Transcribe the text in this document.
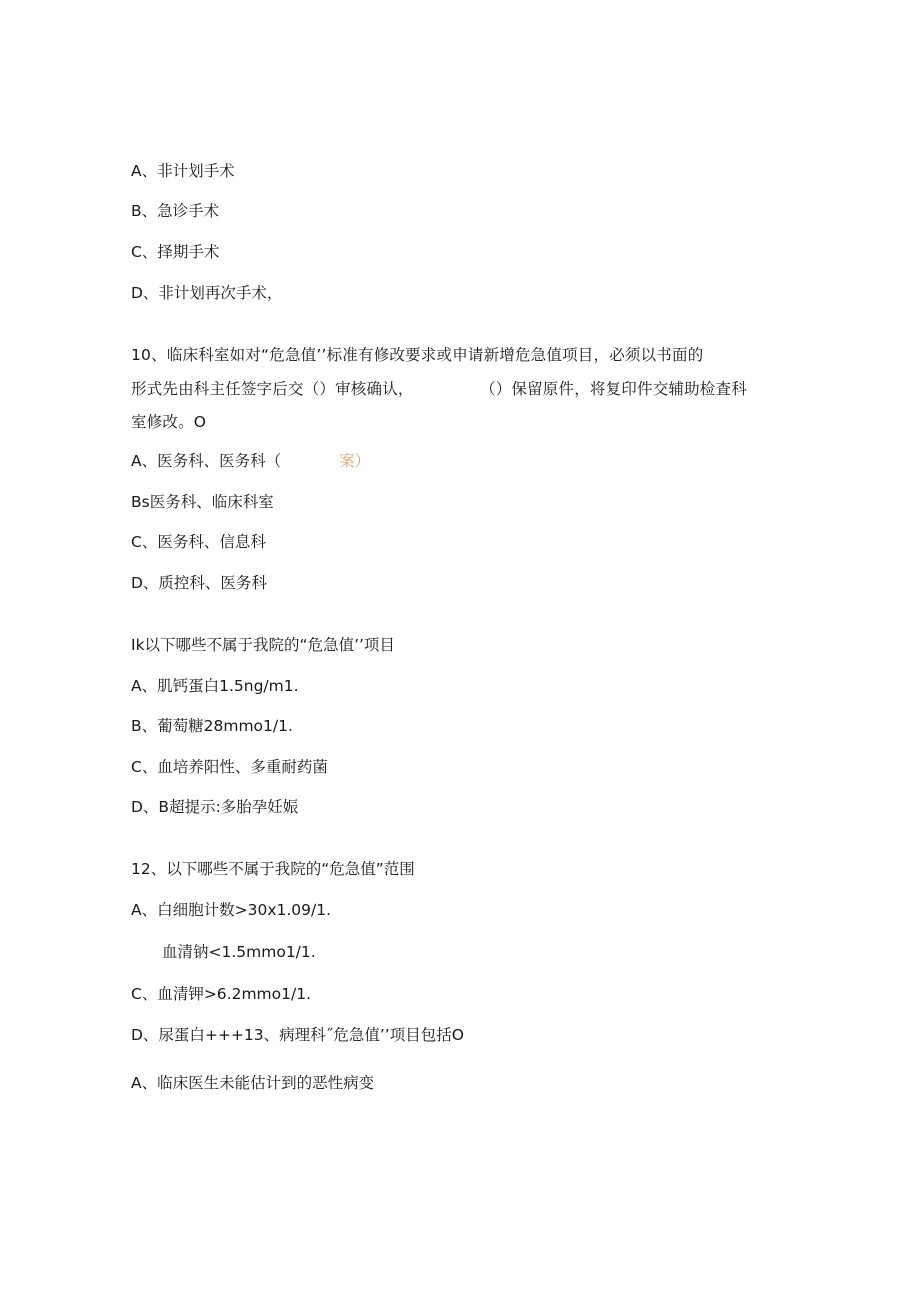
A、非计划手术
B、急诊手术
C、择期手术
D、非计划再次手术，
10、临床科室如对“危急值’’标准有修改要求或申请新增危急值项目，必须以书面的
形式先由科主任签字后交（）审核确认，	（）保留原件，将复印件交辅助检査科
室修改。O
A、医务科、医务科（	案）
Bs医务科、临床科室
C、医务科、信息科
D、质控科、医务科
Ik以下哪些不属于我院的“危急值’’项目
A、肌钙蛋白1.5ng/m1.
B、葡萄糖28mmo1∕1.
C、血培养阳性、多重耐药菌
D、B超提示:多胎孕妊娠
12、以下哪些不属于我院的“危急值”范围
A、白细胞计数>30x1.09∕1.
血清钠<1.5mmo1∕1.
C、血清钾>6.2mmo1∕1.
D、尿蛋白+++13、病理科˝危急值’’项目包括O
A、临床医生未能估计到的恶性病变
